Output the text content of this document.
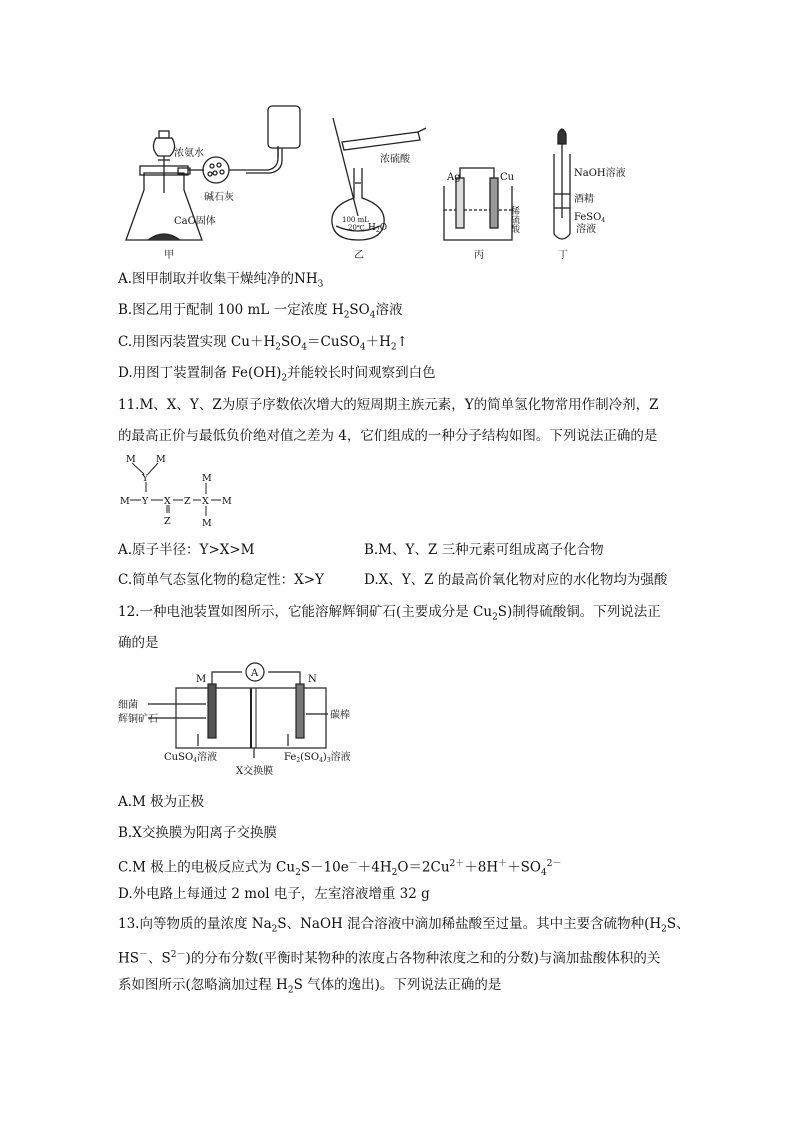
浓氨水
碱石灰
CaO固体
浓硫酸
100 mL
20℃ $H_2O$
Ag	Cu
稀硫酸
NaOH溶液
酒精
FeSO$_4$
溶液
甲	乙	丙	丁
A.图甲制取并收集干燥纯净的$NH_3$
B.图乙用于配制 100 mL 一定浓度 $H_2SO_4$溶液
C.用图丙装置实现 $Cu+H_2SO_4=CuSO_4+H_2↑$
D.用图丁装置制备 $Fe(OH)_2$并能较长时间观察到白色
11.M、X、Y、Z为原子序数依次增大的短周期主族元素，Y的简单氢化物常用作制冷剂，Z
的最高正价与最低负价绝对值之差为 4，它们组成的一种分子结构如图。下列说法正确的是
M M
Y
M Y X Z X M
M
M
Z
A.原子半径：Y>X>M	B.M、Y、Z 三种元素可组成离子化合物
C.简单气态氢化物的稳定性：X>Y	D.X、Y、Z 的最高价氧化物对应的水化物均为强酸
12.一种电池装置如图所示，它能溶解辉铜矿石(主要成分是 $Cu_2S$)制得硫酸铜。下列说法正
确的是
A
M	N
细菌
辉铜矿石	碳棒
CuSO$_4$溶液	$Fe_2(SO_4)_3$溶液
X交换膜
A.M 极为正极
B.X交换膜为阳离子交换膜
C.M 极上的电极反应式为 $Cu_2S-10e^-+4H_2O=2Cu^{2+}+8H^++SO_4^{2-}$
D.外电路上每通过 2 mol 电子，左室溶液增重 32 g
13.向等物质的量浓度 $Na_2S$、NaOH 混合溶液中滴加稀盐酸至过量。其中主要含硫物种($H_2S$、
HS－、$S^{2-}$)的分布分数(平衡时某物种的浓度占各物种浓度之和的分数)与滴加盐酸体积的关
系如图所示(忽略滴加过程 $H_2S$ 气体的逸出)。下列说法正确的是
